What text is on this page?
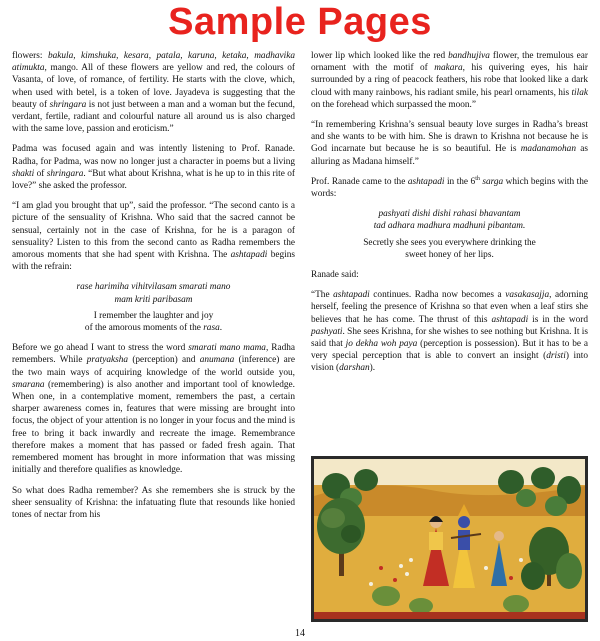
Sample Pages

flowers: bakula, kimshuka, kesara, patala, karuna, ketaka, madhavika atimukta, mango. All of these flowers are yellow and red, the colours of Vasanta, of love, of romance, of fertility. He starts with the clove, which, when used with betel, is a token of love. Jayadeva is suggesting that the beauty of shringara is not just between a man and a woman but the fecund, verdant, fertile, radiant and colourful nature all around us is also charged with the same love, passion and eroticism.”

Padma was focused again and was intently listening to Prof. Ranade. Radha, for Padma, was now no longer just a character in poems but a living shakti of shringara. “But what about Krishna, what is he up to in this rite of love?” she asked the professor.

“I am glad you brought that up”, said the professor. “The second canto is a picture of the sensuality of Krishna. Who said that the sacred cannot be sensual, certainly not in the case of Krishna, for he is a paragon of sensuality? Listen to this from the second canto as Radha remembers the amorous moments that she had spent with Krishna. The ashtapadi begins with the refrain:

rase harimiha vihitvilasam smarati mano

mam kriti paribasam

I remember the laughter and joy
of the amorous moments of the rasa.

Before we go ahead I want to stress the word smarati mano mama, Radha remembers. While pratyaksha (perception) and anumana (inference) are the two main ways of acquiring knowledge of the world outside you, smarana (remembering) is also another and important tool of knowledge. When one, in a contemplative moment, remembers the past, a certain sharper awareness comes in, features that were missing are brought into focus, the object of your attention is no longer in your focus and the mind is free to bring it back inwardly and recreate the image. Remembrance therefore makes a moment that has passed or faded fresh again. That remembered moment has brought in more information that was missing initially and therefore qualifies as knowledge.

So what does Radha remember? As she remembers she is struck by the sheer sensuality of Krishna: the infatuating flute that resounds like honied tones of nectar from his

lower lip which looked like the red bandhujiva flower, the tremulous ear ornament with the motif of makara, his quivering eyes, his hair surrounded by a ring of peacock feathers, his robe that looked like a dark cloud with many rainbows, his radiant smile, his pearl ornaments, his tilak on the forehead which surpassed the moon.”

“In remembering Krishna’s sensual beauty love surges in Radha’s breast and she wants to be with him. She is drawn to Krishna not because he is God incarnate but because he is so beautiful. He is madanamohan as alluring as Madana himself.”

Prof. Ranade came to the ashtapadi in the 6th sarga which begins with the words:

pashyati dishi dishi rahasi bhavantam

tad adhara madhura madhuni pibantam.

Secretly she sees you everywhere drinking the
sweet honey of her lips.

Ranade said:

“The ashtapadi continues. Radha now becomes a vasakasajja, adorning herself, feeling the presence of Krishna so that even when a leaf stirs she believes that he has come. The thrust of this ashtapadi is in the word pashyati. She sees Krishna, for she wishes to see nothing but Krishna. It is said that jo dekha woh paya (perception is possession). But it has to be a very special perception that is able to convert an insight (dristi) into vision (darshan).

14
